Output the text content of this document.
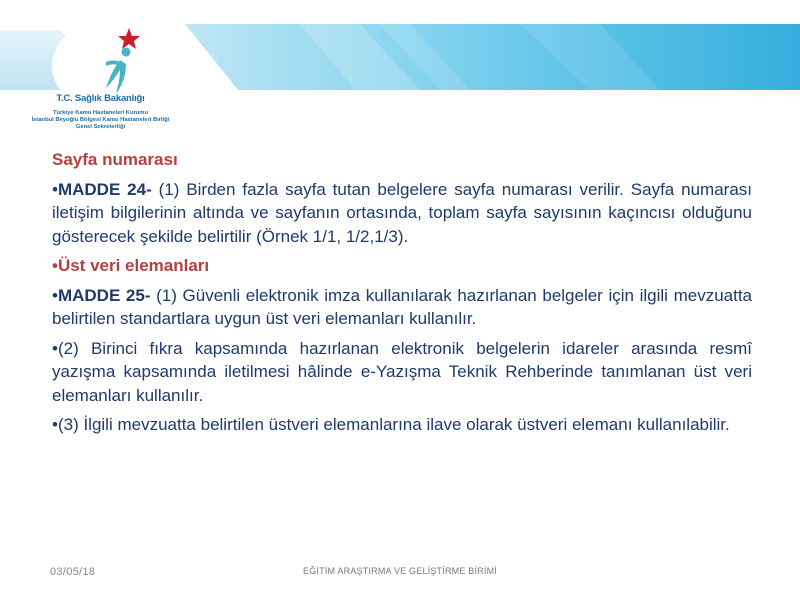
T.C. Sağlık Bakanlığı
Türkiye Kamu Hastaneleri Kurumu
İstanbul Beyoğlu Bölgesi Kamu Hastaneleri Birliği
Genel Sekreterliği
Sayfa numarası
•MADDE 24- (1) Birden fazla sayfa tutan belgelere sayfa numarası verilir. Sayfa numarası iletişim bilgilerinin altında ve sayfanın ortasında, toplam sayfa sayısının kaçıncısı olduğunu gösterecek şekilde belirtilir (Örnek 1/1, 1/2,1/3).
•Üst veri elemanları
•MADDE 25- (1) Güvenli elektronik imza kullanılarak hazırlanan belgeler için ilgili mevzuatta belirtilen standartlara uygun üst veri elemanları kullanılır.
•(2) Birinci fıkra kapsamında hazırlanan elektronik belgelerin idareler arasında resmî yazışma kapsamında iletilmesi hâlinde e-Yazışma Teknik Rehberinde tanımlanan üst veri elemanları kullanılır.
•(3) İlgili mevzuatta belirtilen üstveri elemanlarına ilave olarak üstveri elemanı kullanılabilir.
03/05/18	EĞİTİM ARAŞTIRMA VE GELİŞTİRME BİRİMİ
